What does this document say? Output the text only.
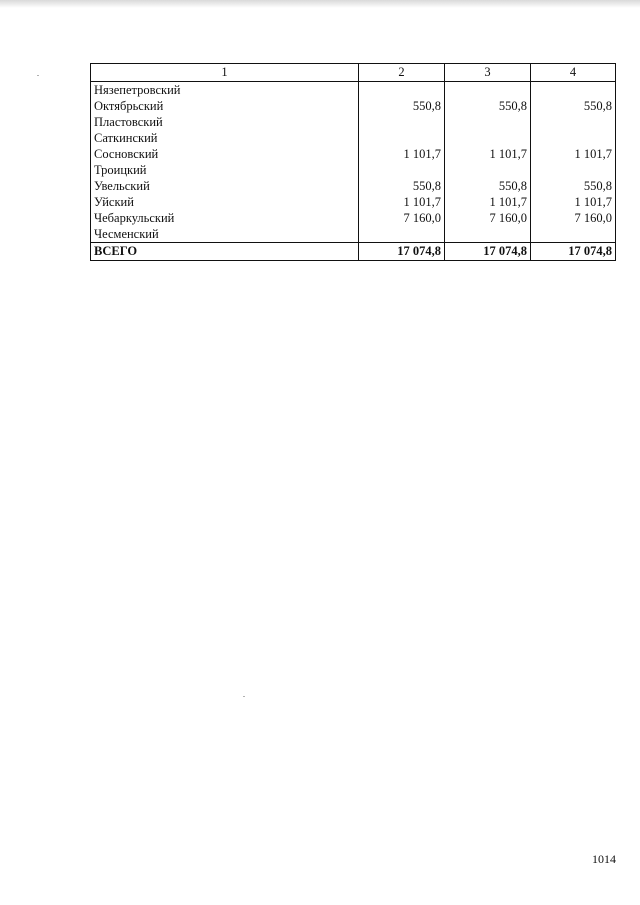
1	2	3	4
Нязепетровский			
Октябрьский	550,8	550,8	550,8
Пластовский			
Саткинский			
Сосновский	1 101,7	1 101,7	1 101,7
Троицкий			
Увельский	550,8	550,8	550,8
Уйский	1 101,7	1 101,7	1 101,7
Чебаркульский	7 160,0	7 160,0	7 160,0
Чесменский			
ВСЕГО	17 074,8	17 074,8	17 074,8
1014
